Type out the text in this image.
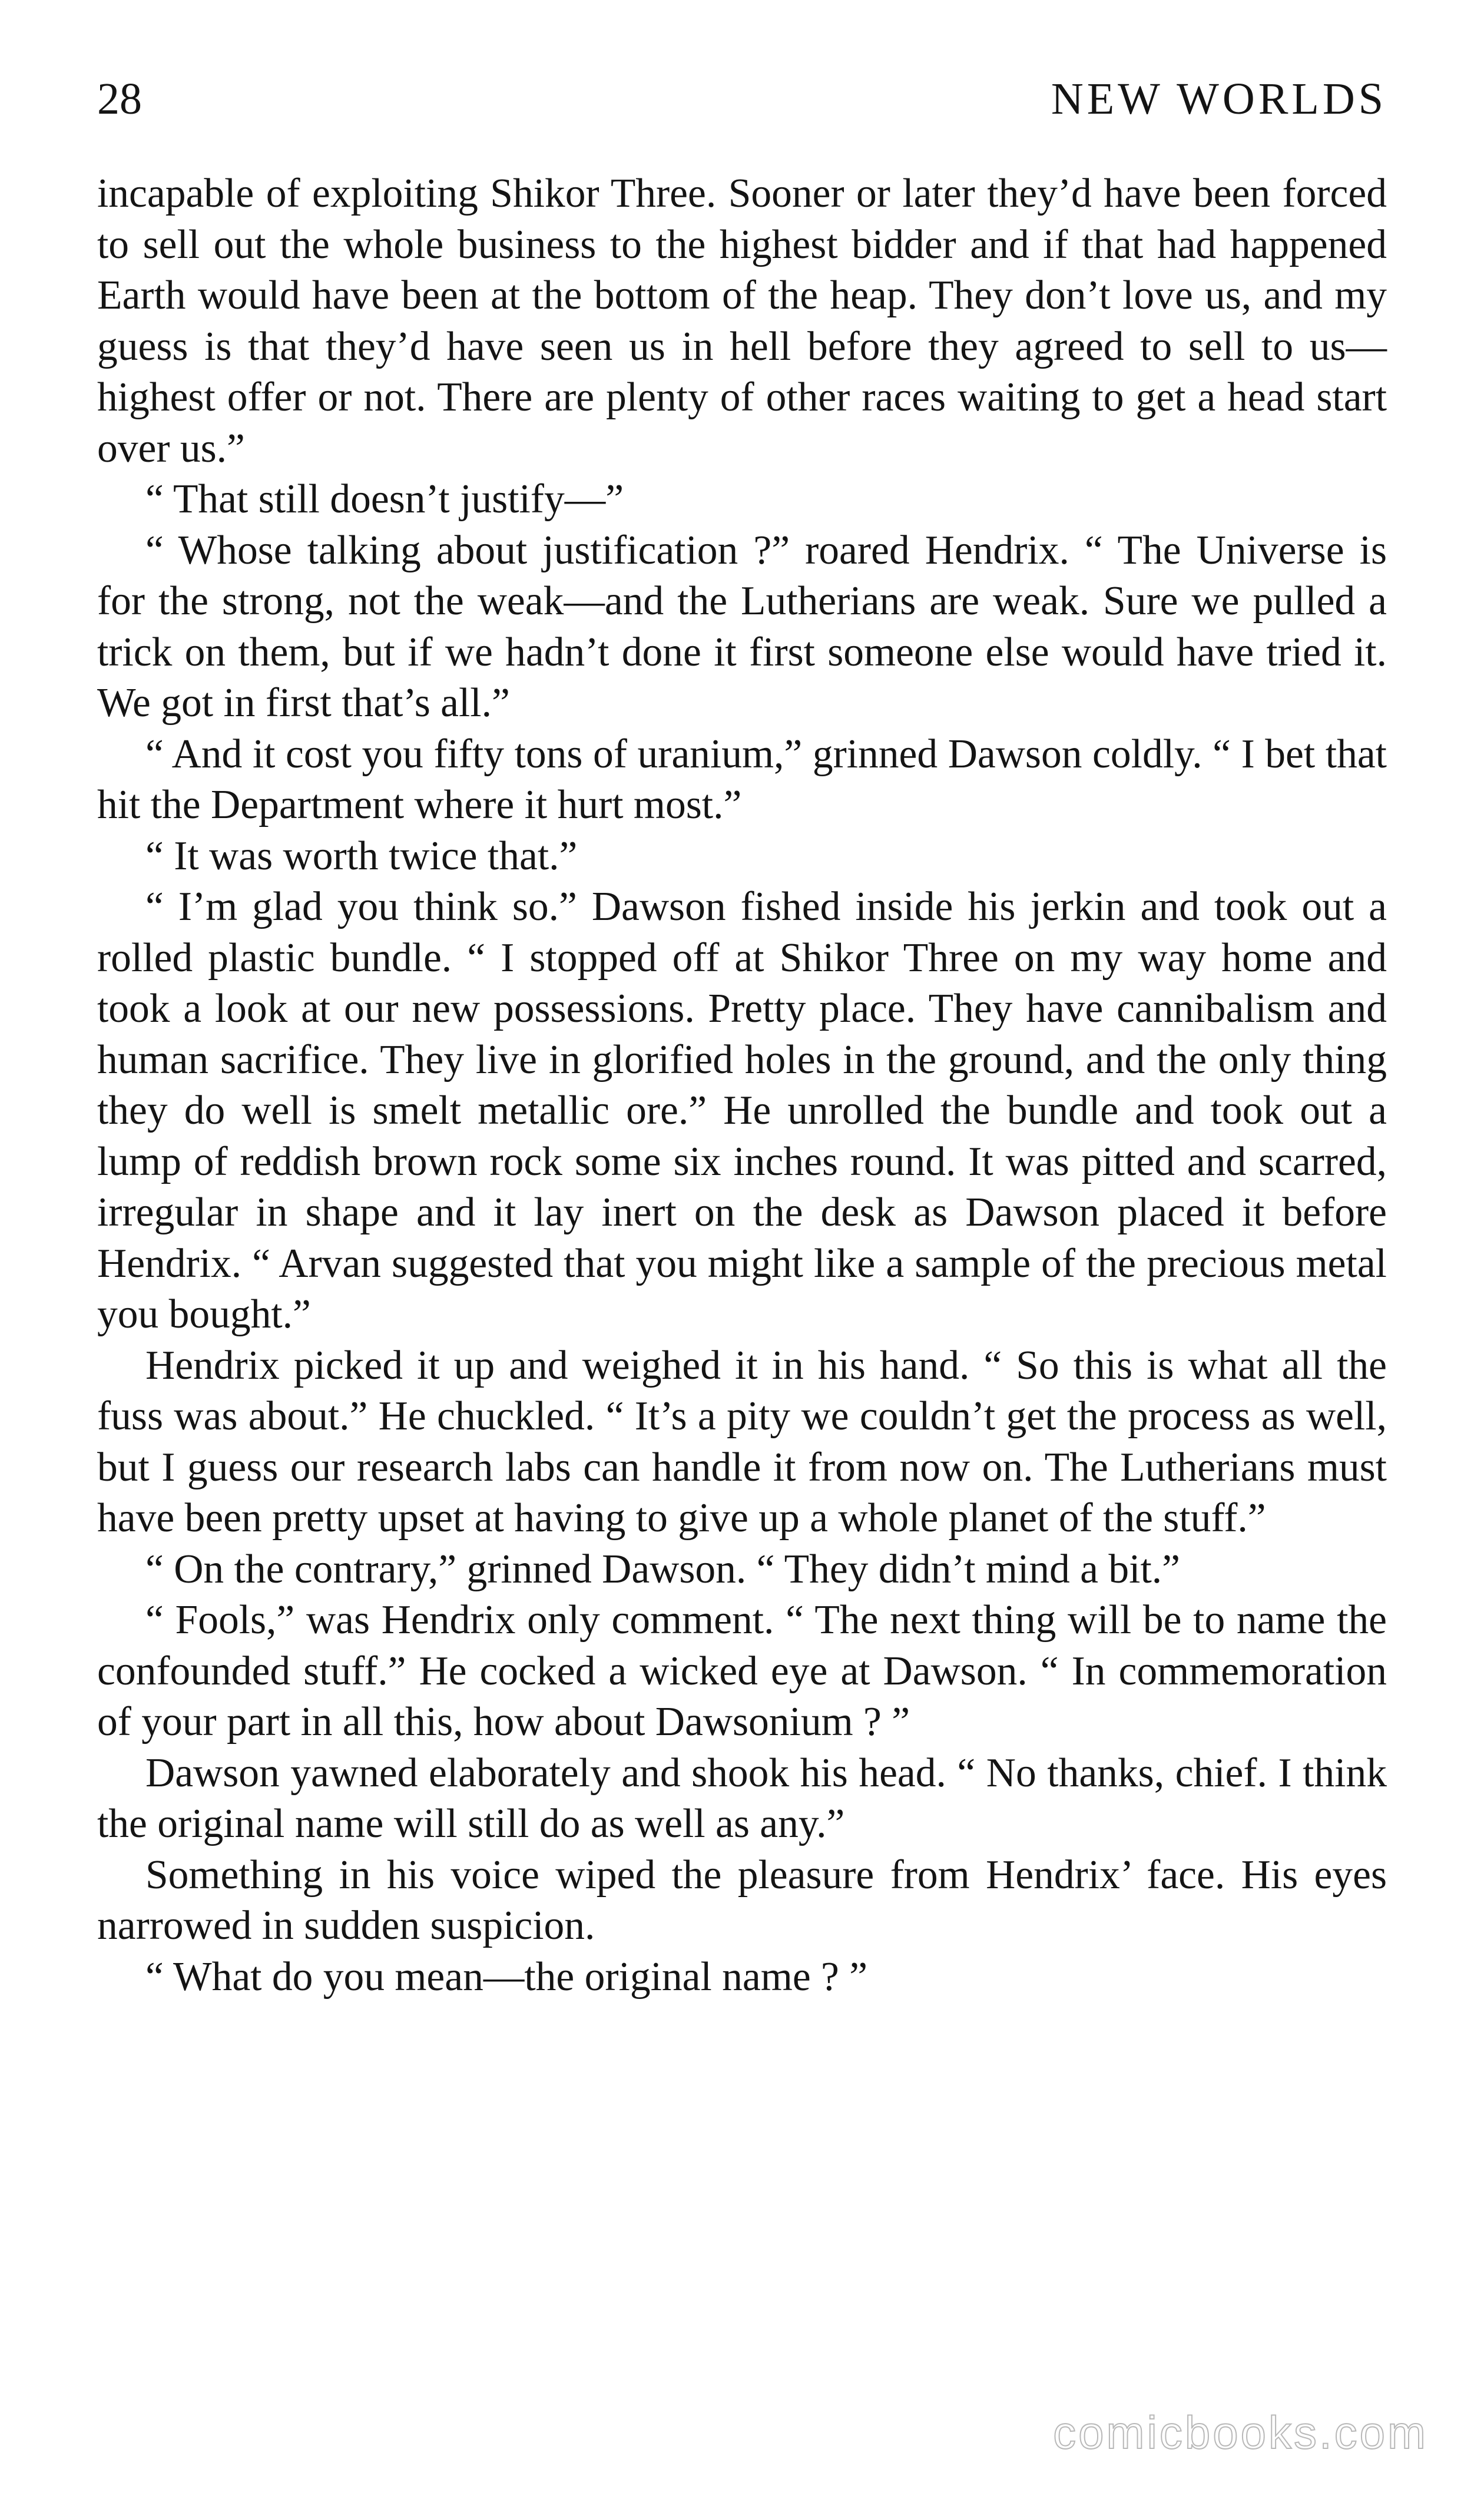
28	NEW WORLDS

incapable of exploiting Shikor Three. Sooner or later they’d have been forced to sell out the whole business to the highest bidder and if that had happened Earth would have been at the bottom of the heap. They don’t love us, and my guess is that they’d have seen us in hell before they agreed to sell to us—highest offer or not. There are plenty of other races waiting to get a head start over us.”

“ That still doesn’t justify—”

“ Whose talking about justification ?” roared Hendrix. “ The Universe is for the strong, not the weak—and the Lutherians are weak. Sure we pulled a trick on them, but if we hadn’t done it first someone else would have tried it. We got in first that’s all.”

“ And it cost you fifty tons of uranium,” grinned Dawson coldly. “ I bet that hit the Department where it hurt most.”

“ It was worth twice that.”

“ I’m glad you think so.” Dawson fished inside his jerkin and took out a rolled plastic bundle. “ I stopped off at Shikor Three on my way home and took a look at our new possessions. Pretty place. They have cannibalism and human sacrifice. They live in glorified holes in the ground, and the only thing they do well is smelt metallic ore.” He unrolled the bundle and took out a lump of reddish brown rock some six inches round. It was pitted and scarred, irregular in shape and it lay inert on the desk as Dawson placed it before Hendrix. “ Arvan suggested that you might like a sample of the precious metal you bought.”

Hendrix picked it up and weighed it in his hand. “ So this is what all the fuss was about.” He chuckled. “ It’s a pity we couldn’t get the process as well, but I guess our research labs can handle it from now on. The Lutherians must have been pretty upset at having to give up a whole planet of the stuff.”

“ On the contrary,” grinned Dawson. “ They didn’t mind a bit.”

“ Fools,” was Hendrix only comment. “ The next thing will be to name the confounded stuff.” He cocked a wicked eye at Dawson. “ In commemoration of your part in all this, how about Dawsonium ? ”

Dawson yawned elaborately and shook his head. “ No thanks, chief. I think the original name will still do as well as any.”

Something in his voice wiped the pleasure from Hendrix’ face. His eyes narrowed in sudden suspicion.

“ What do you mean—the original name ? ”

comicbooks.com
